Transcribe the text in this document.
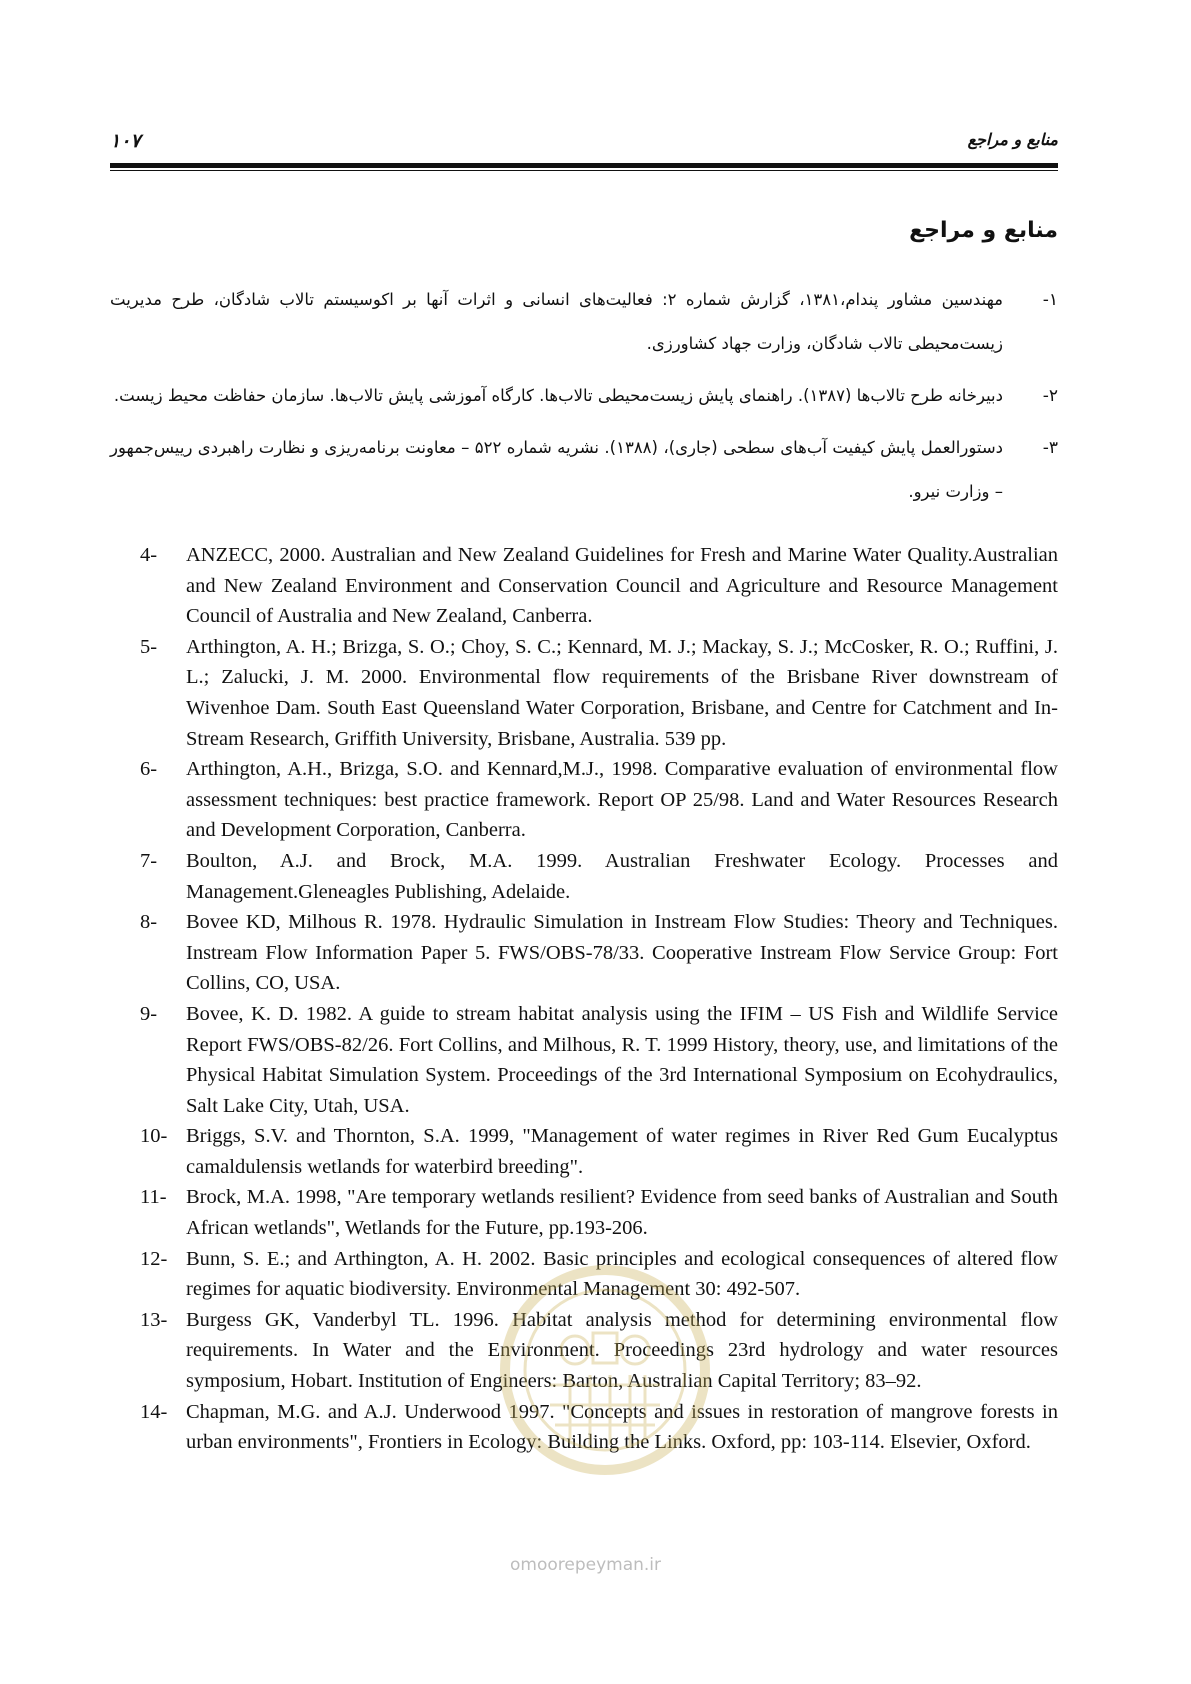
۱۰۷	منابع و مراجع
منابع و مراجع
۱-
مهندسین مشاور پندام،۱۳۸۱، گزارش شماره ۲: فعالیت‌های انسانی و اثرات آنها بر اکوسیستم تالاب شادگان، طرح مدیریت زیست‌محیطی تالاب شادگان، وزارت جهاد کشاورزی.
۲-
دبیرخانه طرح تالاب‌ها (۱۳۸۷). راهنمای پایش زیست‌محیطی تالاب‌ها. کارگاه آموزشی پایش تالاب‌ها. سازمان حفاظت محیط زیست.
۳-
دستورالعمل پایش کیفیت آب‌های سطحی (جاری)، (۱۳۸۸). نشریه شماره ۵۲۲ – معاونت برنامه‌ریزی و نظارت راهبردی رییس‌جمهور – وزارت نیرو.
4- ANZECC, 2000. Australian and New Zealand Guidelines for Fresh and Marine Water Quality.Australian and New Zealand Environment and Conservation Council and Agriculture and Resource Management Council of Australia and New Zealand, Canberra.
5- Arthington, A. H.; Brizga, S. O.; Choy, S. C.; Kennard, M. J.; Mackay, S. J.; McCosker, R. O.; Ruffini, J. L.; Zalucki, J. M. 2000. Environmental flow requirements of the Brisbane River downstream of Wivenhoe Dam. South East Queensland Water Corporation, Brisbane, and Centre for Catchment and In-Stream Research, Griffith University, Brisbane, Australia. 539 pp.
6- Arthington, A.H., Brizga, S.O. and Kennard,M.J., 1998. Comparative evaluation of environmental flow assessment techniques: best practice framework. Report OP 25/98. Land and Water Resources Research and Development Corporation, Canberra.
7- Boulton, A.J. and Brock, M.A. 1999. Australian Freshwater Ecology. Processes and Management.Gleneagles Publishing, Adelaide.
8- Bovee KD, Milhous R. 1978. Hydraulic Simulation in Instream Flow Studies: Theory and Techniques. Instream Flow Information Paper 5. FWS/OBS-78/33. Cooperative Instream Flow Service Group: Fort Collins, CO, USA.
9- Bovee, K. D. 1982. A guide to stream habitat analysis using the IFIM – US Fish and Wildlife Service Report FWS/OBS-82/26. Fort Collins, and Milhous, R. T. 1999 History, theory, use, and limitations of the Physical Habitat Simulation System. Proceedings of the 3rd International Symposium on Ecohydraulics, Salt Lake City, Utah, USA.
10- Briggs, S.V. and Thornton, S.A. 1999, "Management of water regimes in River Red Gum Eucalyptus camaldulensis wetlands for waterbird breeding".
11- Brock, M.A. 1998, "Are temporary wetlands resilient? Evidence from seed banks of Australian and South African wetlands", Wetlands for the Future, pp.193-206.
12- Bunn, S. E.; and Arthington, A. H. 2002. Basic principles and ecological consequences of altered flow regimes for aquatic biodiversity. Environmental Management 30: 492-507.
13- Burgess GK, Vanderbyl TL. 1996. Habitat analysis method for determining environmental flow requirements. In Water and the Environment. Proceedings 23rd hydrology and water resources symposium, Hobart. Institution of Engineers: Barton, Australian Capital Territory; 83–92.
14- Chapman, M.G. and A.J. Underwood 1997. "Concepts and issues in restoration of mangrove forests in urban environments", Frontiers in Ecology: Building the Links. Oxford, pp: 103-114. Elsevier, Oxford.
omoorepeyman.ir
